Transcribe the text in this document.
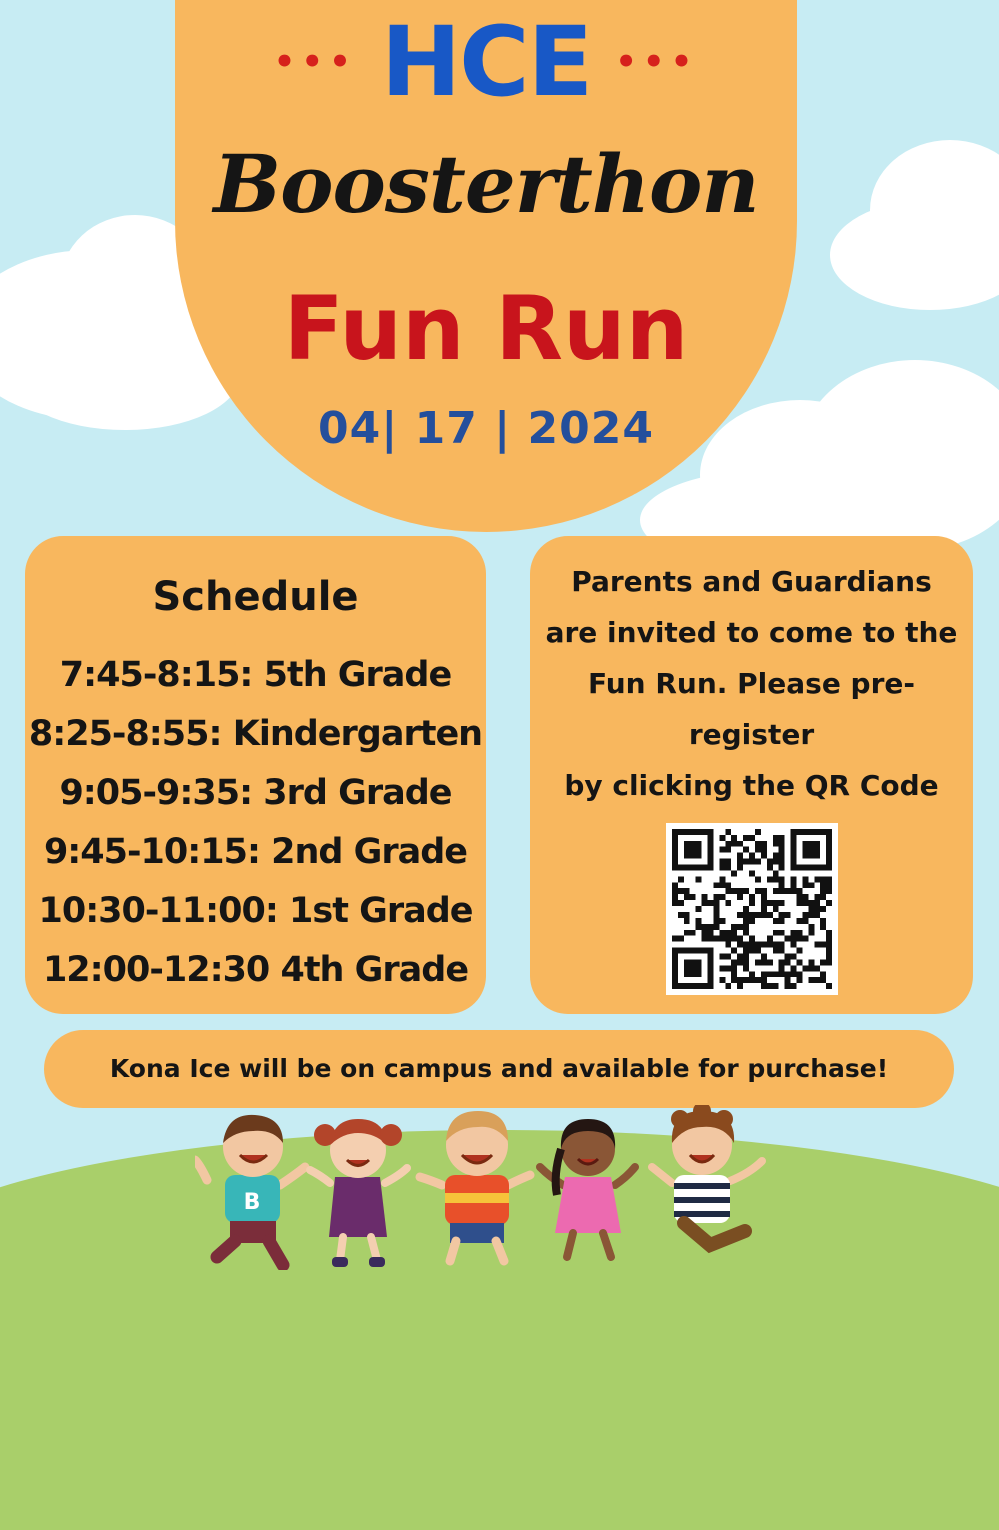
••• HCE •••
Boosterthon
Fun Run
04| 17 | 2024
Schedule
7:45-8:15: 5th Grade
8:25-8:55: Kindergarten
9:05-9:35: 3rd Grade
9:45-10:15: 2nd Grade
10:30-11:00: 1st Grade
12:00-12:30 4th Grade
Parents and Guardians
are invited to come to the
Fun Run. Please pre-register
by clicking the QR Code
Kona Ice will be on campus and available for purchase!
B
